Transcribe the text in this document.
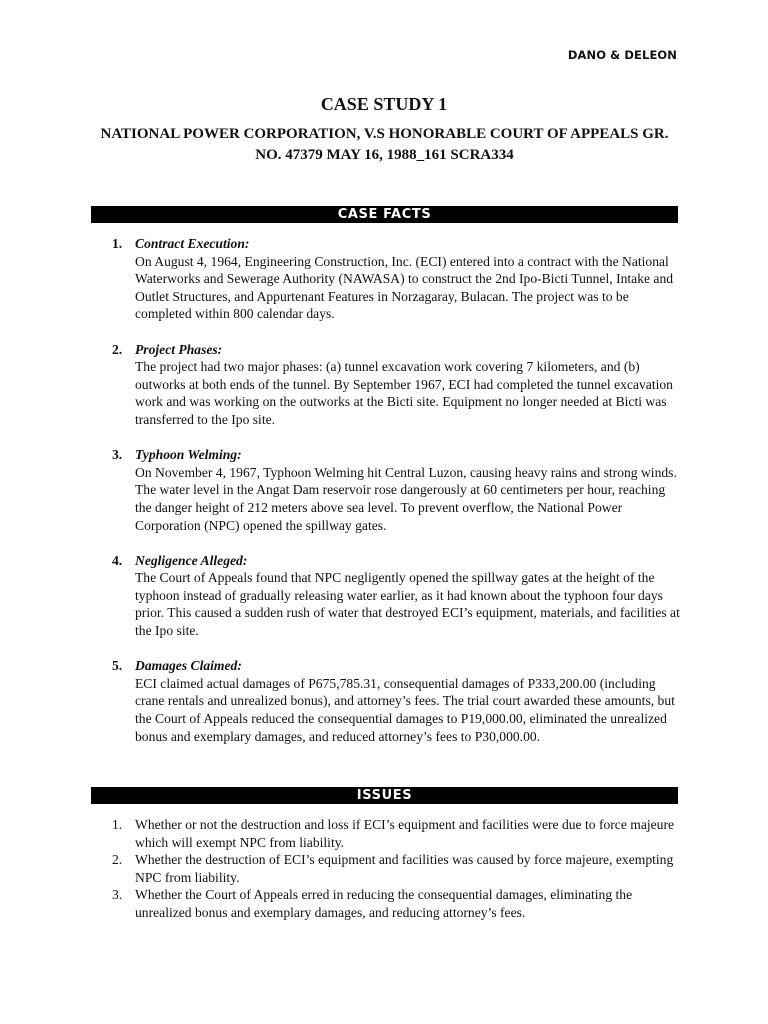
DANO & DELEON
CASE STUDY 1
NATIONAL POWER CORPORATION, V.S HONORABLE COURT OF APPEALS GR. NO. 47379 MAY 16, 1988_161 SCRA334
CASE FACTS
1. Contract Execution:
On August 4, 1964, Engineering Construction, Inc. (ECI) entered into a contract with the National Waterworks and Sewerage Authority (NAWASA) to construct the 2nd Ipo-Bicti Tunnel, Intake and Outlet Structures, and Appurtenant Features in Norzagaray, Bulacan. The project was to be completed within 800 calendar days.
2. Project Phases:
The project had two major phases: (a) tunnel excavation work covering 7 kilometers, and (b) outworks at both ends of the tunnel. By September 1967, ECI had completed the tunnel excavation work and was working on the outworks at the Bicti site. Equipment no longer needed at Bicti was transferred to the Ipo site.
3. Typhoon Welming:
On November 4, 1967, Typhoon Welming hit Central Luzon, causing heavy rains and strong winds. The water level in the Angat Dam reservoir rose dangerously at 60 centimeters per hour, reaching the danger height of 212 meters above sea level. To prevent overflow, the National Power Corporation (NPC) opened the spillway gates.
4. Negligence Alleged:
The Court of Appeals found that NPC negligently opened the spillway gates at the height of the typhoon instead of gradually releasing water earlier, as it had known about the typhoon four days prior. This caused a sudden rush of water that destroyed ECI’s equipment, materials, and facilities at the Ipo site.
5. Damages Claimed:
ECI claimed actual damages of P675,785.31, consequential damages of P333,200.00 (including crane rentals and unrealized bonus), and attorney’s fees. The trial court awarded these amounts, but the Court of Appeals reduced the consequential damages to P19,000.00, eliminated the unrealized bonus and exemplary damages, and reduced attorney’s fees to P30,000.00.
ISSUES
1. Whether or not the destruction and loss if ECI’s equipment and facilities were due to force majeure which will exempt NPC from liability.
2. Whether the destruction of ECI’s equipment and facilities was caused by force majeure, exempting NPC from liability.
3. Whether the Court of Appeals erred in reducing the consequential damages, eliminating the unrealized bonus and exemplary damages, and reducing attorney’s fees.
